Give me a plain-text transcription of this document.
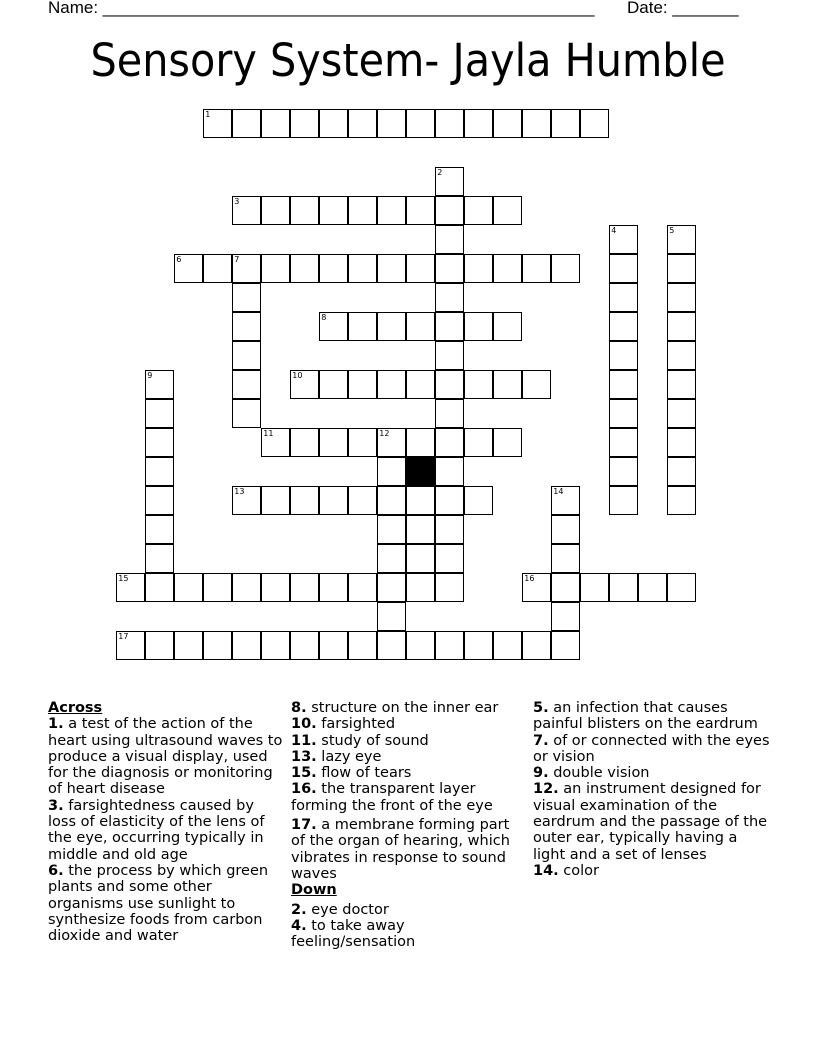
Name: ____________________________________________________ Date: _______
Sensory System- Jayla Humble
1
2
3
4	5
6	7
8
9	10
11	12
13	14
15	16
17

Across

1. a test of the action of the heart using ultrasound waves to produce a visual display, used for the diagnosis or monitoring of heart disease

3. farsightedness caused by loss of elasticity of the lens of the eye, occurring typically in middle and old age

6. the process by which green plants and some other organisms use sunlight to synthesize foods from carbon dioxide and water

8. structure on the inner ear

10. farsighted

11. study of sound

13. lazy eye

15. flow of tears

16. the transparent layer forming the front of the eye

17. a membrane forming part of the organ of hearing, which vibrates in response to sound waves

Down

2. eye doctor

4. to take away feeling/sensation

5. an infection that causes painful blisters on the eardrum

7. of or connected with the eyes or vision

9. double vision

12. an instrument designed for visual examination of the eardrum and the passage of the outer ear, typically having a light and a set of lenses

14. color
